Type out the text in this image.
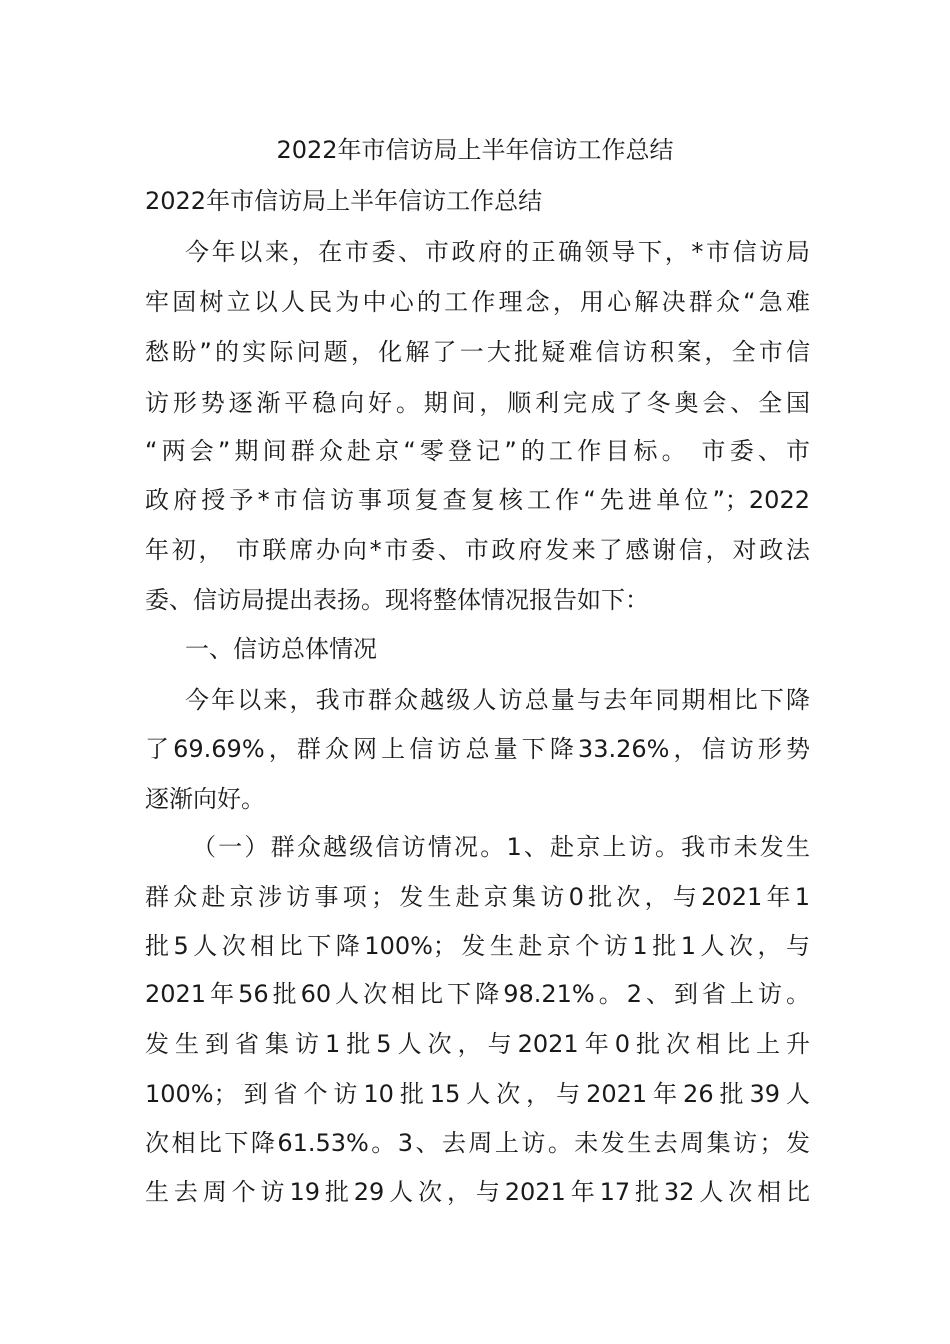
2022年市信访局上半年信访工作总结
2022年市信访局上半年信访工作总结
今年以来，在市委、市政府的正确领导下，*市信访局
牢固树立以人民为中心的工作理念，用心解决群众“急难
愁盼”的实际问题，化解了一大批疑难信访积案，全市信
访形势逐渐平稳向好。期间，顺利完成了冬奥会、全国
“两会”期间群众赴京“零登记”的工作目标。 市委、市
政府授予*市信访事项复查复核工作“先进单位”；2022
年初， 市联席办向*市委、市政府发来了感谢信，对政法
委、信访局提出表扬。现将整体情况报告如下：
一、信访总体情况
今年以来，我市群众越级人访总量与去年同期相比下降
了69.69%，群众网上信访总量下降33.26%，信访形势
逐渐向好。
（一）群众越级信访情况。1、赴京上访。我市未发生
群众赴京涉访事项；发生赴京集访0批次，与2021年1
批5人次相比下降100%；发生赴京个访1批1人次，与
2021年56批60人次相比下降98.21%。2、到省上访。
发生到省集访1批5人次，与2021年0批次相比上升
100%；到省个访10批15人次，与2021年26批39人
次相比下降61.53%。3、去周上访。未发生去周集访；发
生去周个访19批29人次，与2021年17批32人次相比
